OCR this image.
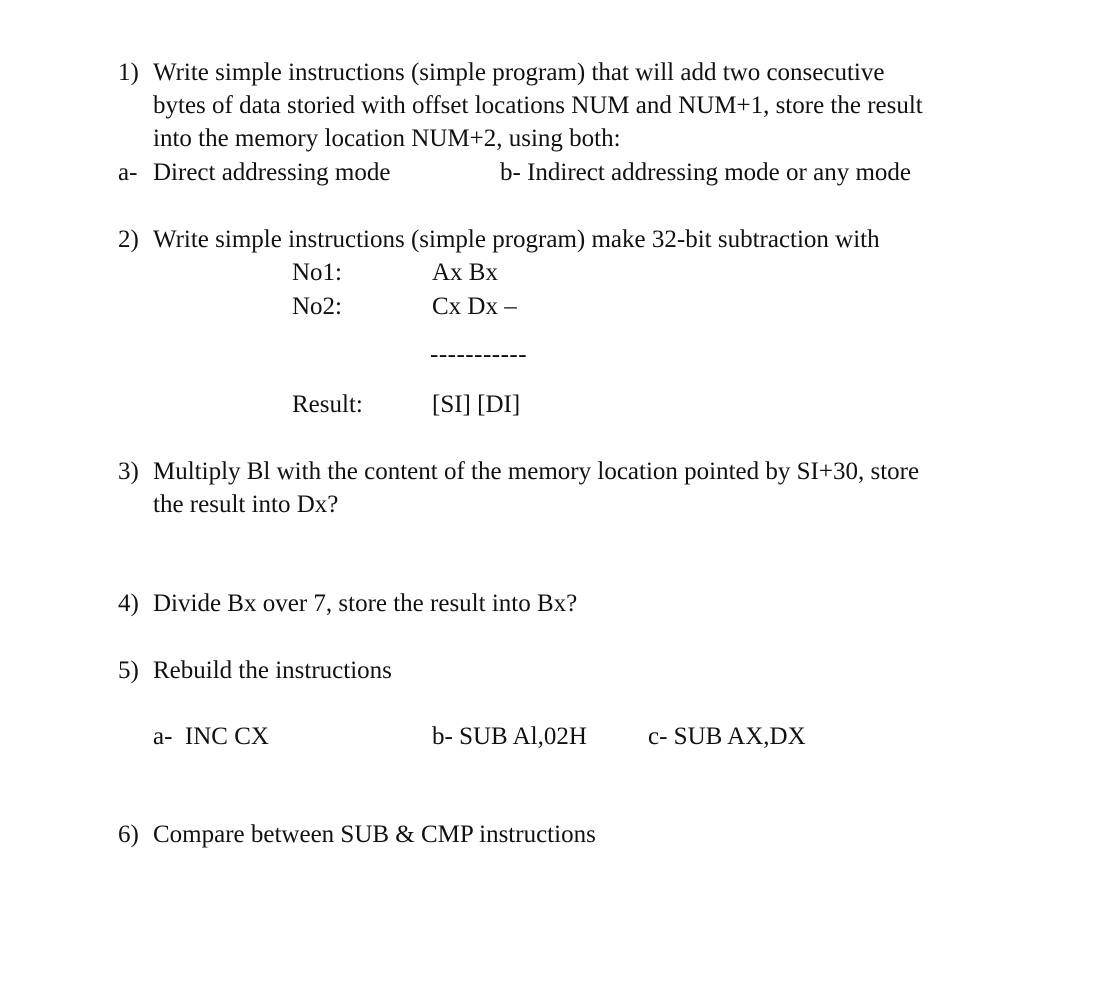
1) Write simple instructions (simple program) that will add two consecutive
bytes of data storied with offset locations NUM and NUM+1, store the result
into the memory location NUM+2, using both:
a- Direct addressing mode	b- Indirect addressing mode or any mode
2) Write simple instructions (simple program) make 32-bit subtraction with
No1:	Ax Bx
No2:	Cx Dx –
-----------
Result:	[SI] [DI]
3) Multiply Bl with the content of the memory location pointed by SI+30, store
the result into Dx?
4) Divide Bx over 7, store the result into Bx?
5) Rebuild the instructions
a-  INC CX	b- SUB Al,02H c- SUB AX,DX
6) Compare between SUB & CMP instructions
